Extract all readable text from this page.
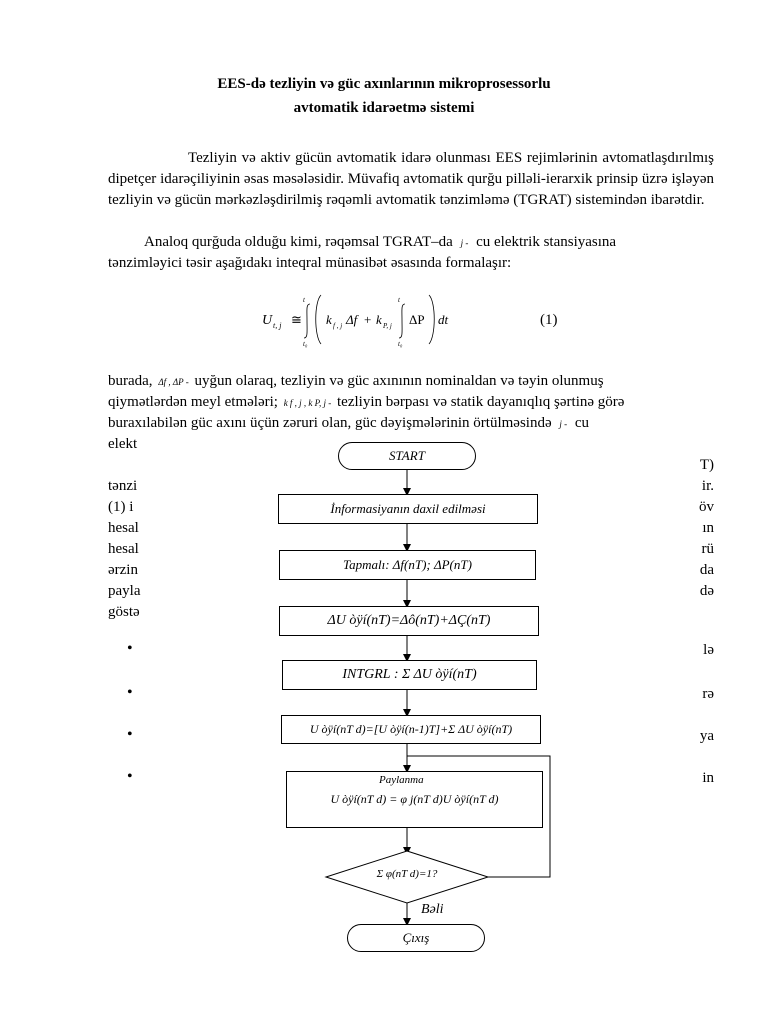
EES-də tezliyin və güc axınlarının mikroprosessorlu
avtomatik idarəetmə sistemi
Tezliyin və aktiv gücün avtomatik idarə olunması EES rejimlərinin avtomatlaşdırılmış dipetçer idarəçiliyinin əsas məsələsidir. Müvafiq avtomatik qurğu pilləli-ierarxik prinsip üzrə işləyən tezliyin və gücün mərkəzləşdirilmiş rəqəmli avtomatik tənzimləmə (TGRAT) sistemindən ibarətdir.
Analoq qurğuda olduğu kimi, rəqəmsal TGRAT–da j - cu elektrik stansiyasına
tənzimləyici təsir aşağıdakı inteqral münasibət əsasında formalaşır:
U t, j ≅
t
t₀
k f , j Δf + k P, j
t
t₀
ΔP dt	(1)
burada, Δf , ΔP - uyğun olaraq, tezliyin və güc axınının nominaldan və təyin olunmuş
qiymətlərdən meyl etmələri; k f , j , k P, j - tezliyin bərpası və statik dayanıqlıq şərtinə görə
buraxılabilən güc axını üçün zəruri olan, güc dəyişmələrinin örtülməsində j - cu
elekt
tənzi
(1) i
hesal
hesal
ərzin
payla
göstə
T)
ir.
öv
ın
rü
da
də
•
•
•
•
lə
rə
ya
in
START
İnformasiyanın daxil edilməsi
Tapmalı: Δf(nT); ΔP(nT)
ΔU òÿí(nT)=Δô(nT)+ΔÇ(nT)
INTGRL : Σ ΔU òÿí(nT)
U òÿí(nT d)=[U òÿí(n-1)T]+Σ ΔU òÿí(nT)
Paylanma
U òÿí(nT d) = φ j(nT d)U òÿí(nT d)
Σ φ(nT d)=1?
Bəli
Çıxış
